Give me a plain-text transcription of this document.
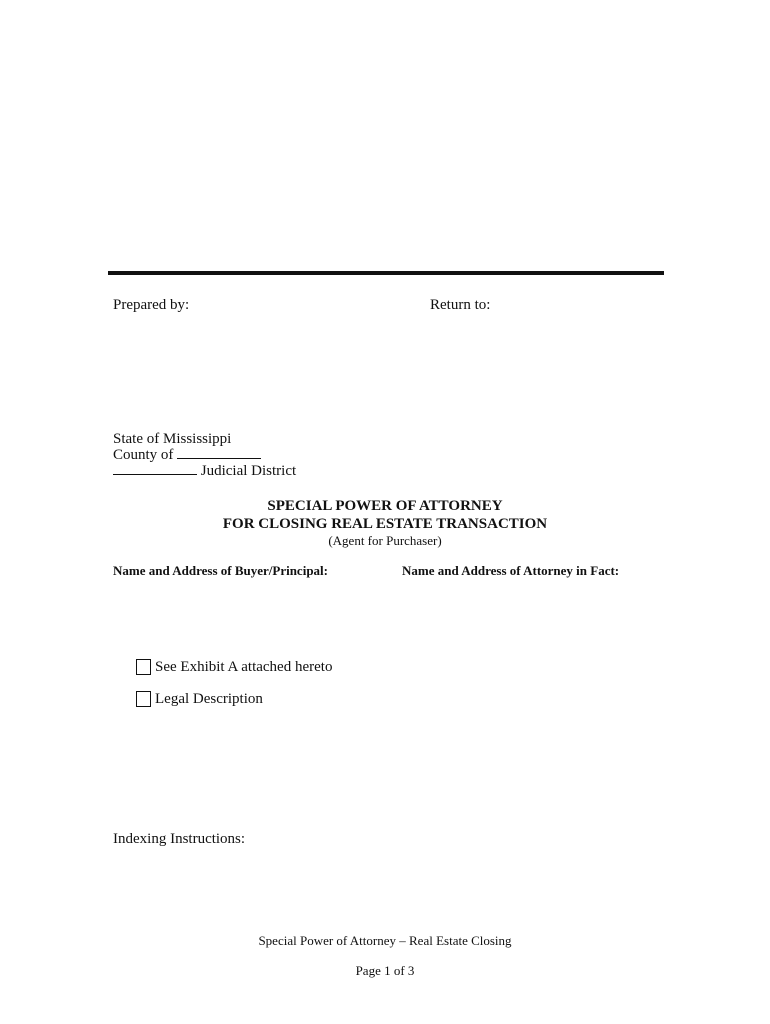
Prepared by:	Return to:
State of Mississippi
County of
Judicial District
SPECIAL POWER OF ATTORNEY
FOR CLOSING REAL ESTATE TRANSACTION
(Agent for Purchaser)
Name and Address of Buyer/Principal:	Name and Address of Attorney in Fact:
See Exhibit A attached hereto
Legal Description
Indexing Instructions:
Special Power of Attorney – Real Estate Closing
Page 1 of 3
